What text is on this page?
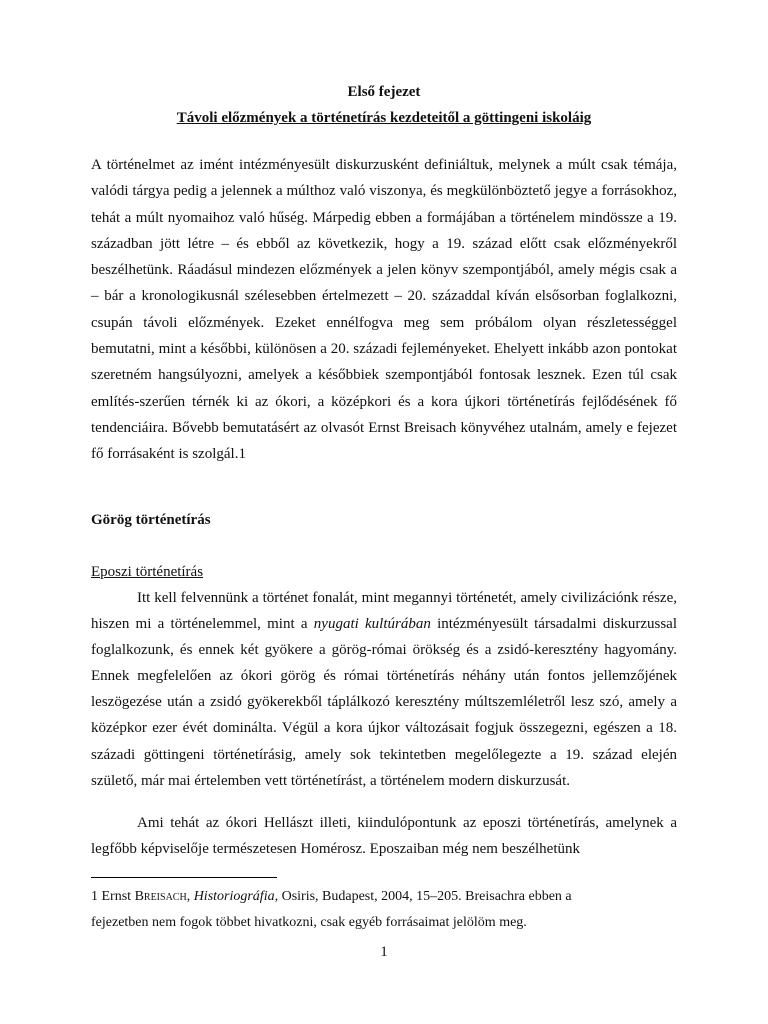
Első fejezet
Távoli előzmények a történetírás kezdeteitől a göttingeni iskoláig

A történelmet az imént intézményesült diskurzusként definiáltuk, melynek a múlt csak témája, valódi tárgya pedig a jelennek a múlthoz való viszonya, és megkülönböztető jegye a forrásokhoz, tehát a múlt nyomaihoz való hűség. Márpedig ebben a formájában a történelem mindössze a 19. században jött létre – és ebből az következik, hogy a 19. század előtt csak előzményekről beszélhetünk. Ráadásul mindezen előzmények a jelen könyv szempontjából, amely mégis csak a – bár a kronologikusnál szélesebben értelmezett – 20. századdal kíván elsősorban foglalkozni, csupán távoli előzmények. Ezeket ennélfogva meg sem próbálom olyan részletességgel bemutatni, mint a későbbi, különösen a 20. századi fejleményeket. Ehelyett inkább azon pontokat szeretném hangsúlyozni, amelyek a későbbiek szempontjából fontosak lesznek. Ezen túl csak említés-szerűen térnék ki az ókori, a középkori és a kora újkori történetírás fejlődésének fő tendenciáira. Bővebb bemutatásért az olvasót Ernst Breisach könyvéhez utalnám, amely e fejezet fő forrásaként is szolgál.1

Görög történetírás
Eposzi történetírás

Itt kell felvennünk a történet fonalát, mint megannyi történetét, amely civilizációnk része, hiszen mi a történelemmel, mint a nyugati kultúrában intézményesült társadalmi diskurzussal foglalkozunk, és ennek két gyökere a görög-római örökség és a zsidó-keresztény hagyomány. Ennek megfelelően az ókori görög és római történetírás néhány után fontos jellemzőjének leszögezése után a zsidó gyökerekből táplálkozó keresztény múltszemléletről lesz szó, amely a középkor ezer évét dominálta. Végül a kora újkor változásait fogjuk összegezni, egészen a 18. századi göttingeni történetírásig, amely sok tekintetben megelőlegezte a 19. század elején születő, már mai értelemben vett történetírást, a történelem modern diskurzusát.

Ami tehát az ókori Hellászt illeti, kiindulópontunk az eposzi történetírás, amelynek a legfőbb képviselője természetesen Homérosz. Eposzaiban még nem beszélhetünk

1 Ernst Breisach, Historiográfia, Osiris, Budapest, 2004, 15–205. Breisachra ebben a
fejezetben nem fogok többet hivatkozni, csak egyéb forrásaimat jelölöm meg.

1
